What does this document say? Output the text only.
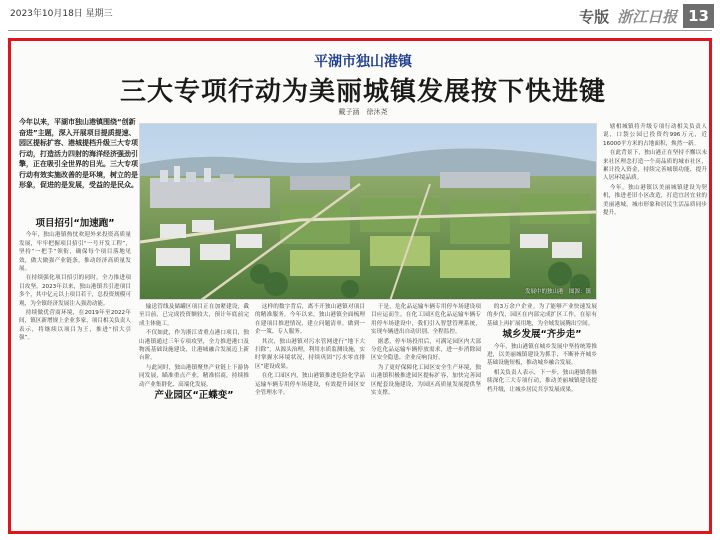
2023年10月18日 星期三	专版 浙江日报 13
平湖市独山港镇
三大专项行动为美丽城镇发展按下快进键
戴子涵　徐沐尧
今年以来，平湖市独山港镇围绕“创新奋进”主题，深入开展项目提质提速、园区提标扩容、港城提档升级三大专项行动，打造活力四射的海洋经济强劲引擎，正在吸引全世界的目光。三大专项行动有效实施改善的是环境，树立的是形象，促进的是发展，受益的是民众。
项目招引“加速跑”

今年，独山港镇热忱欢迎外来投资高质量发展，牢牢把握项目招引“一号开发工程”，坚持“一把手”领衔，确保每个项目落地见效，做大做强产业链条，推动经济高质量发展。

在持续强化项目招引的同时，全力推进项目攻坚。2023年以来，独山港镇共引进项目多个，其中亿元以上项目若干，总投资规模可观，为全镇经济发展注入强劲动能。

持续做优营商环境，在2019年至2022年间，镇区新增规上企业多家，项目相关负责人表示，将继续以项目为王，推进“招大引强”。

发展中的独山港　图源：镇

输送管线及储罐区项目正在加紧建设，截至目前，已完成投资额较大，预计年底前完成主体施工。

不仅如此，作为浙江省重点港口项目，独山港镇通过三年专项攻坚，全力推进港口及物流基础设施建设，让港城融合发展迈上新台阶。

与此同时，独山港镇聚焦产业链上下游协同发展，瞄准重点产业，精准招商，持续推动产业集群化、高端化发展。

产业园区“正蝶变”

这样的数字背后，离不开独山港镇对项目的精准服务。今年以来，独山港镇全面梳理在建项目推进情况，建立问题清单，做到一企一策、专人服务。

其次，独山港镇对污水管网进行“地下大扫除”，从源头治理，利用水质监测设施，实时掌握水环境状况，持续巩固“污水零直排区”建设成果。

在化工园区内，独山港镇推进危险化学品运输车辆专用停车场建设，有效提升园区安全管理水平。

于是，危化品运输车辆专用停车场建设项目应运而生。在化工园区危化品运输车辆专用停车场建设中，我们引入智慧管理系统，实现车辆进出自动识别、全程监控。

据悉，停车场投用后，可满足园区内大部分危化品运输车辆停放需求，进一步消除园区安全隐患，企业反响良好。

为了更好保障化工园区安全生产环境，独山港镇积极推进园区提标扩容，加快完善园区配套设施建设，为园区高质量发展提供坚实支撑。

的3万余户企业。为了能够产业快速发展的步伐，园区在内部完成扩区工作，在原有基础上再扩展用地，为全域发展腾出空间。

城乡发展“齐步走”

今年，独山港镇在城乡发展中坚持统筹推进，以美丽城镇建设为抓手，不断补齐城乡基础设施短板，推动城乡融合发展。

相关负责人表示，下一步，独山港镇将继续深化三大专项行动，推动美丽城镇建设提档升级，让城乡居民共享发展成果。

辖相城镇将升级专项行动相关负责人说，口袋公园已投资约996万元，近16000平方米的占地面积，焕然一新。

在此背景下，独山港正在坚持不懈以未来社区理念打造一个高品质的城市社区，累计投入资金，持续完善城镇功能，提升人居环境品质。

今年，独山港镇以美丽城镇建设为契机，推进老旧小区改造，打造宜居宜业的美丽港城，城市形象和居民生活品质同步提升。
